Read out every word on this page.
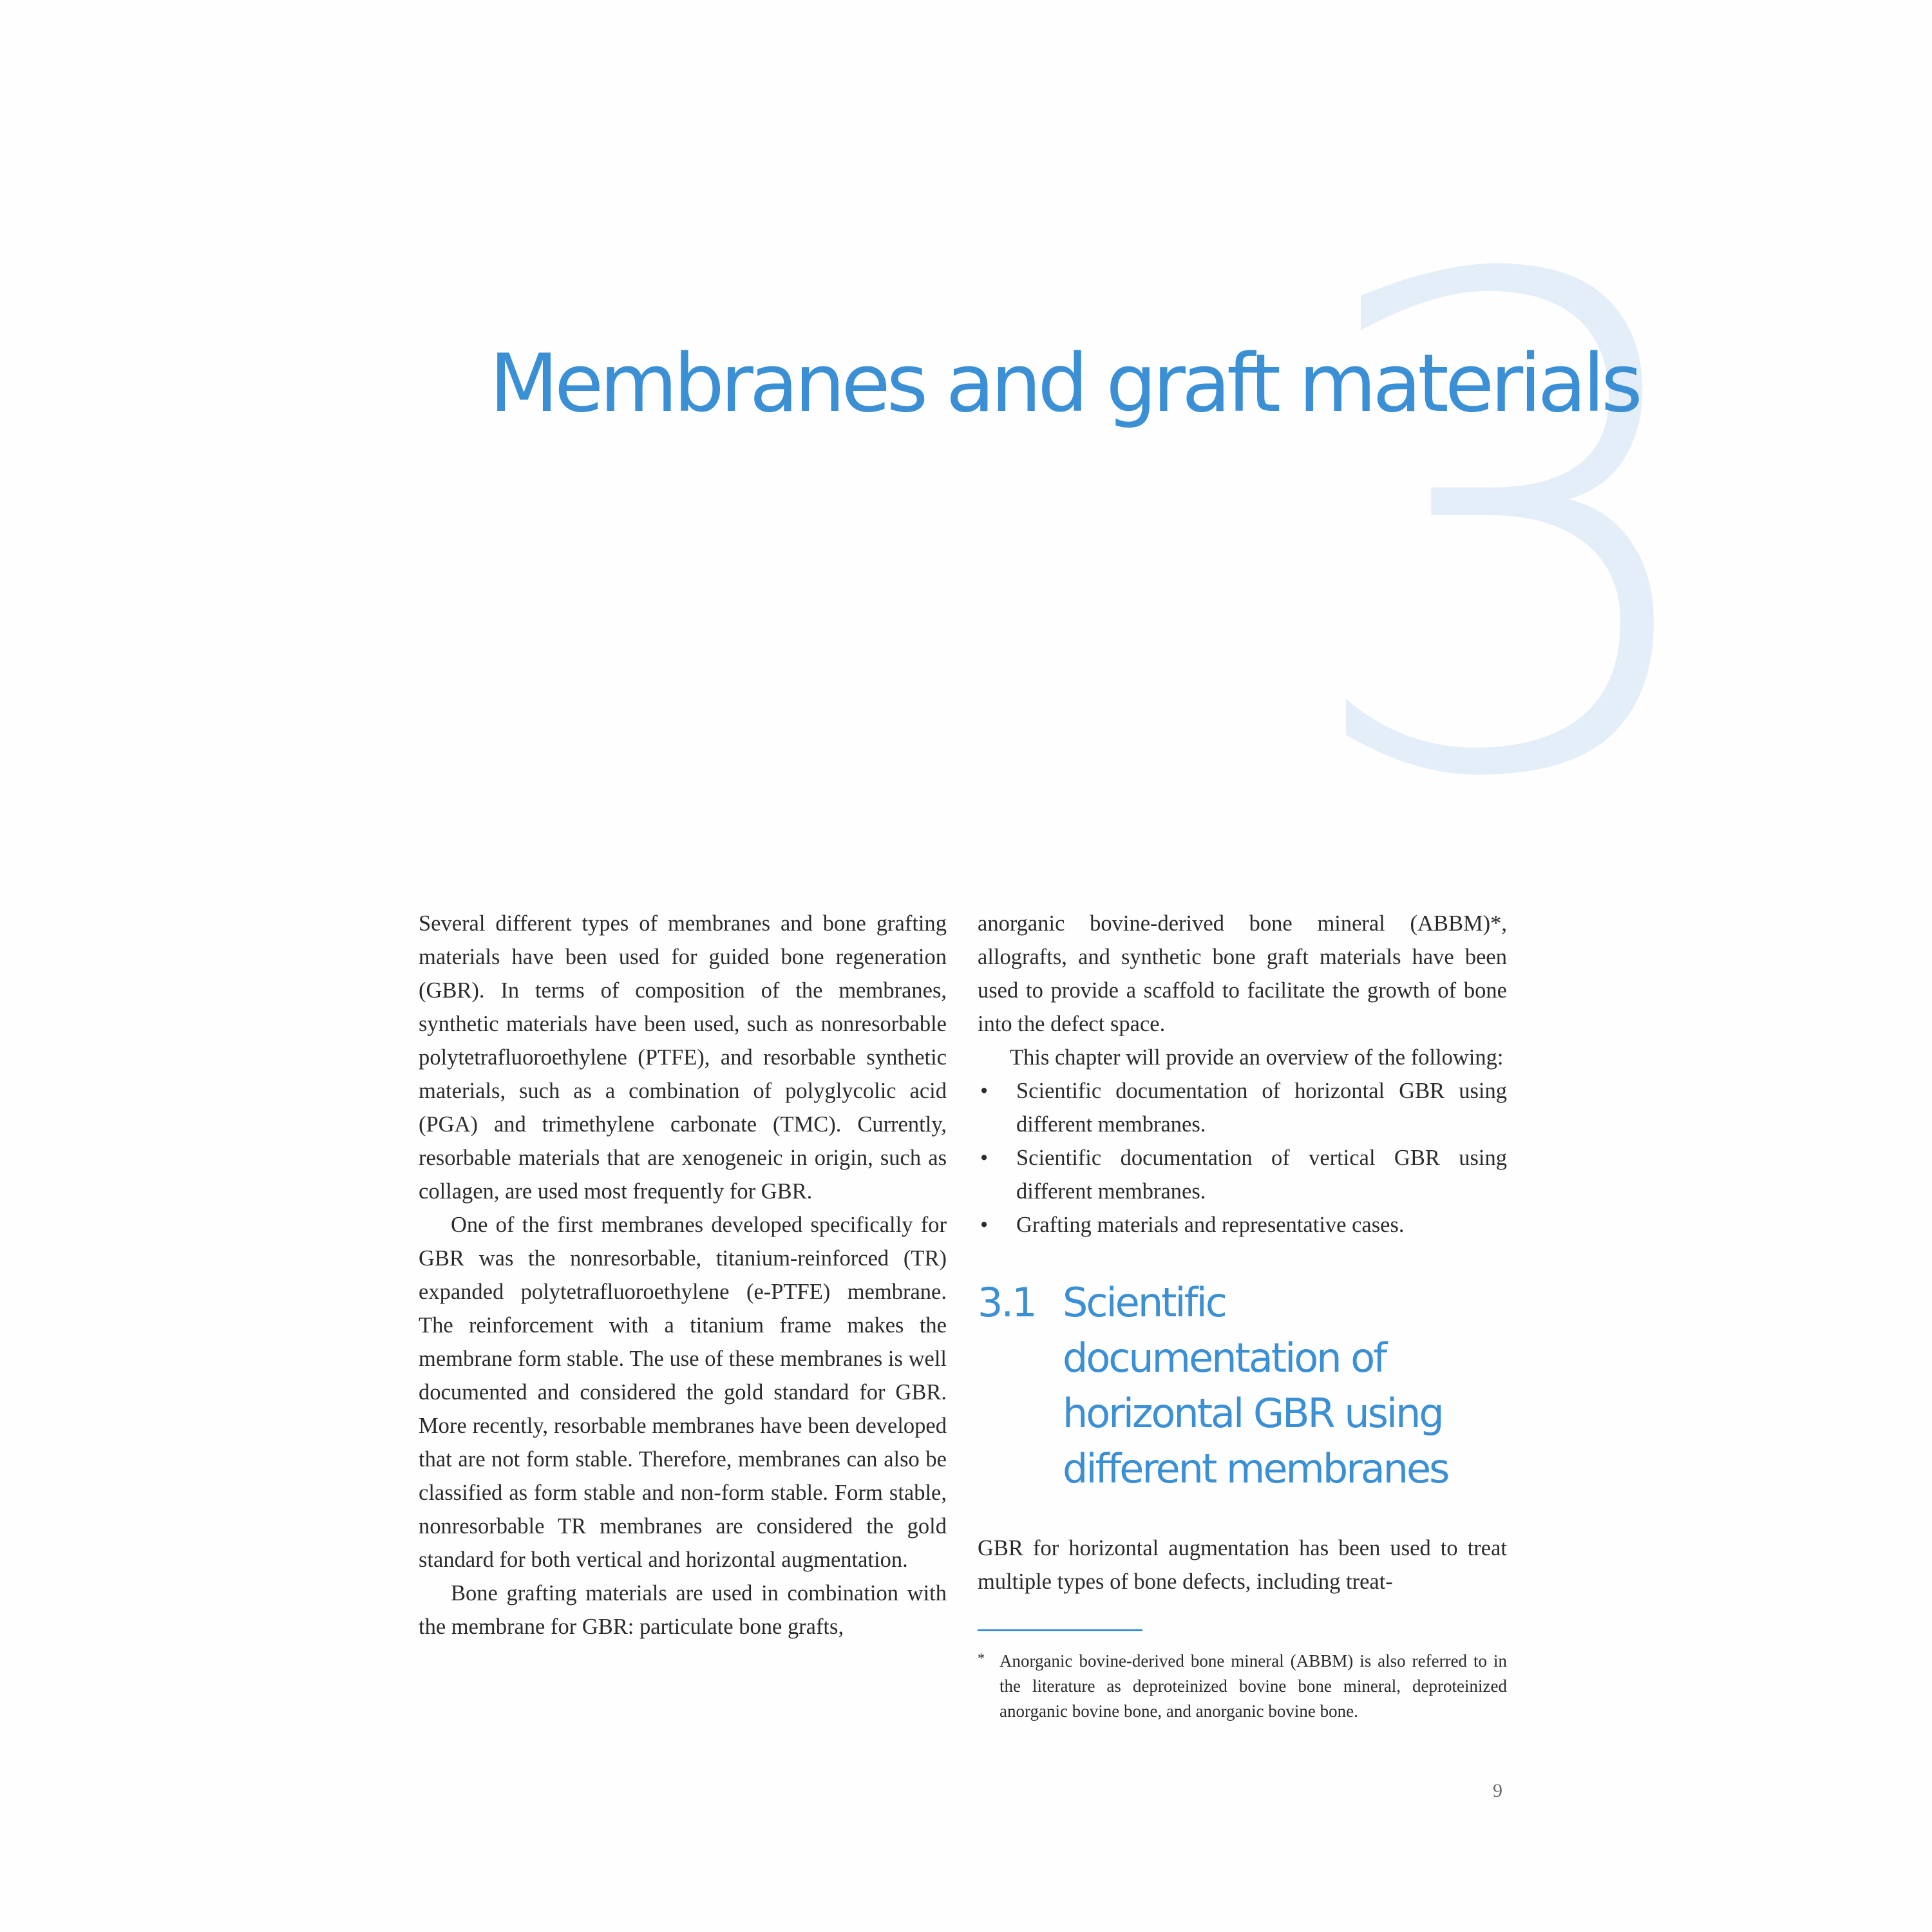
3
Membranes and graft materials

Several different types of membranes and bone grafting materials have been used for guided bone regeneration (GBR). In terms of composition of the membranes, synthetic materials have been used, such as nonresorbable polytetrafluoroethylene (PTFE), and resorbable synthetic materials, such as a combination of polyglycolic acid (PGA) and trimethylene carbonate (TMC). Currently, resorbable materials that are xenogeneic in origin, such as collagen, are used most frequently for GBR.

One of the first membranes developed specifically for GBR was the nonresorbable, titanium-reinforced (TR) expanded polytetrafluoroethylene (e-PTFE) membrane. The reinforcement with a titanium frame makes the membrane form stable. The use of these membranes is well documented and considered the gold standard for GBR. More recently, resorbable membranes have been developed that are not form stable. Therefore, membranes can also be classified as form stable and non-form stable. Form stable, nonresorbable TR membranes are considered the gold standard for both vertical and horizontal augmentation.

Bone grafting materials are used in combination with the membrane for GBR: particulate bone grafts,

anorganic bovine-derived bone mineral (ABBM)*, allografts, and synthetic bone graft materials have been used to provide a scaffold to facilitate the growth of bone into the defect space.

This chapter will provide an overview of the following:

• Scientific documentation of horizontal GBR using different membranes.
• Scientific documentation of vertical GBR using different membranes.
• Grafting materials and representative cases.
3.1 Scientific documentation of horizontal GBR using different membranes

GBR for horizontal augmentation has been used to treat multiple types of bone defects, including treat-

* Anorganic bovine-derived bone mineral (ABBM) is also referred to in the literature as deproteinized bovine bone mineral, deproteinized anorganic bovine bone, and anorganic bovine bone.
9
